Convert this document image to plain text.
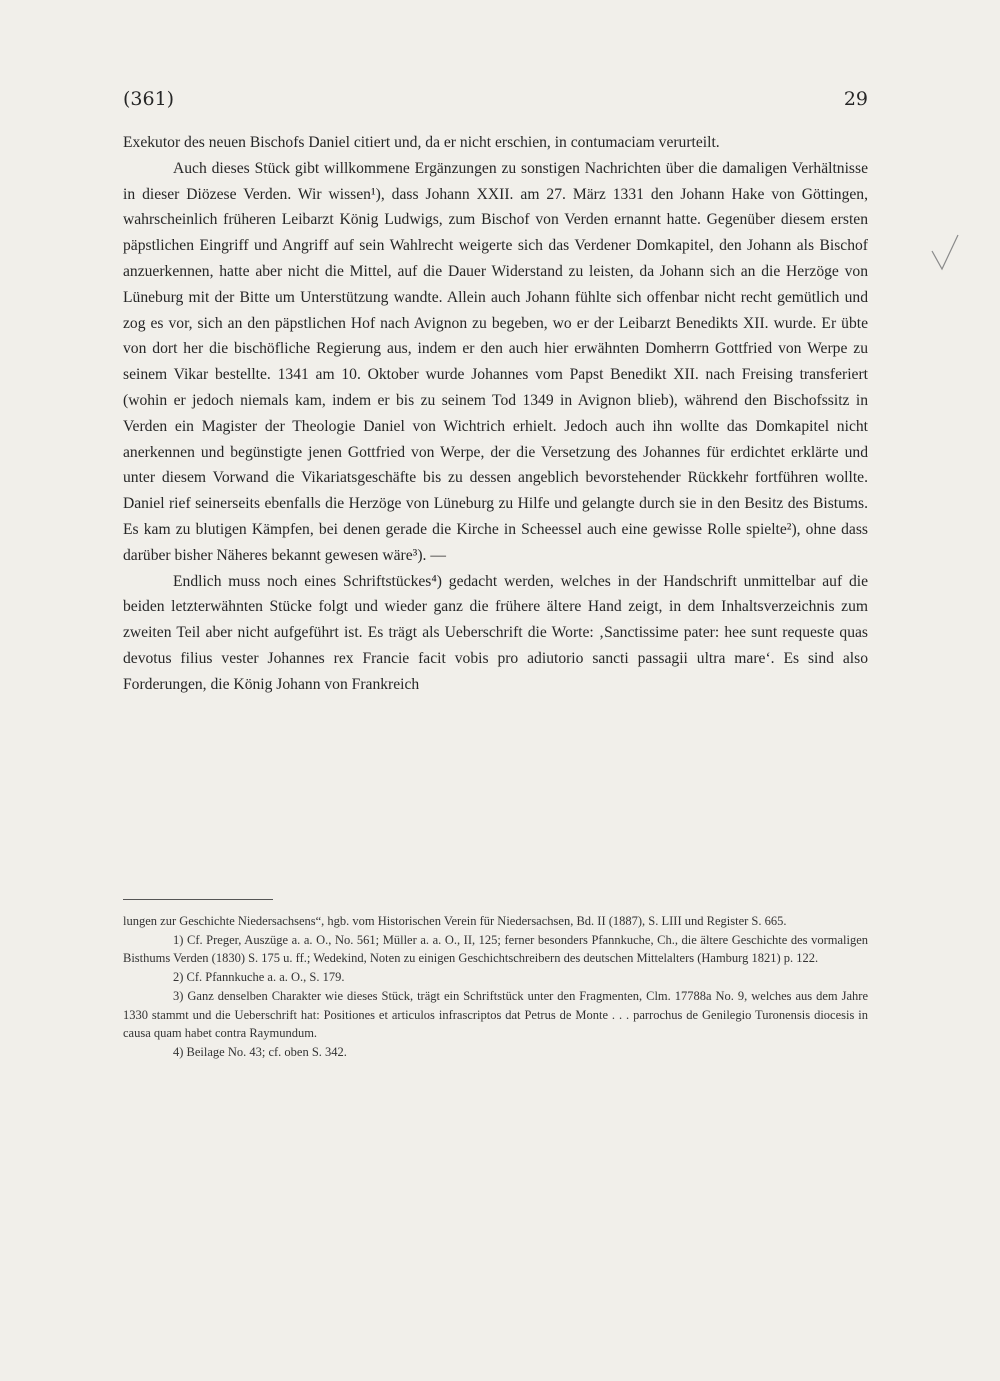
(361)	29

Exekutor des neuen Bischofs Daniel citiert und, da er nicht erschien, in contumaciam verurteilt.

Auch dieses Stück gibt willkommene Ergänzungen zu sonstigen Nachrichten über die damaligen Verhältnisse in dieser Diözese Verden. Wir wissen¹), dass Johann XXII. am 27. März 1331 den Johann Hake von Göttingen, wahrscheinlich früheren Leibarzt König Ludwigs, zum Bischof von Verden ernannt hatte. Gegenüber diesem ersten päpstlichen Eingriff und Angriff auf sein Wahlrecht weigerte sich das Verdener Domkapitel, den Johann als Bischof anzuerkennen, hatte aber nicht die Mittel, auf die Dauer Widerstand zu leisten, da Johann sich an die Herzöge von Lüneburg mit der Bitte um Unterstützung wandte. Allein auch Johann fühlte sich offenbar nicht recht gemütlich und zog es vor, sich an den päpstlichen Hof nach Avignon zu begeben, wo er der Leibarzt Benedikts XII. wurde. Er übte von dort her die bischöfliche Regierung aus, indem er den auch hier erwähnten Domherrn Gottfried von Werpe zu seinem Vikar bestellte. 1341 am 10. Oktober wurde Johannes vom Papst Benedikt XII. nach Freising transferiert (wohin er jedoch niemals kam, indem er bis zu seinem Tod 1349 in Avignon blieb), während den Bischofssitz in Verden ein Magister der Theologie Daniel von Wichtrich erhielt. Jedoch auch ihn wollte das Domkapitel nicht anerkennen und begünstigte jenen Gottfried von Werpe, der die Versetzung des Johannes für erdichtet erklärte und unter diesem Vorwand die Vikariatsgeschäfte bis zu dessen angeblich bevorstehender Rückkehr fortführen wollte. Daniel rief seinerseits ebenfalls die Herzöge von Lüneburg zu Hilfe und gelangte durch sie in den Besitz des Bistums. Es kam zu blutigen Kämpfen, bei denen gerade die Kirche in Scheessel auch eine gewisse Rolle spielte²), ohne dass darüber bisher Näheres bekannt gewesen wäre³). —

Endlich muss noch eines Schriftstückes⁴) gedacht werden, welches in der Handschrift unmittelbar auf die beiden letzterwähnten Stücke folgt und wieder ganz die frühere ältere Hand zeigt, in dem Inhaltsverzeichnis zum zweiten Teil aber nicht aufgeführt ist. Es trägt als Ueberschrift die Worte: ‚Sanctissime pater: hee sunt requeste quas devotus filius vester Johannes rex Francie facit vobis pro adiutorio sancti passagii ultra mare‘. Es sind also Forderungen, die König Johann von Frankreich

lungen zur Geschichte Niedersachsens“, hgb. vom Historischen Verein für Niedersachsen, Bd. II (1887), S. LIII und Register S. 665.

1) Cf. Preger, Auszüge a. a. O., No. 561; Müller a. a. O., II, 125; ferner besonders Pfannkuche, Ch., die ältere Geschichte des vormaligen Bisthums Verden (1830) S. 175 u. ff.; Wedekind, Noten zu einigen Geschichtschreibern des deutschen Mittelalters (Hamburg 1821) p. 122.

2) Cf. Pfannkuche a. a. O., S. 179.

3) Ganz denselben Charakter wie dieses Stück, trägt ein Schriftstück unter den Fragmenten, Clm. 17788a No. 9, welches aus dem Jahre 1330 stammt und die Ueberschrift hat: Positiones et articulos infrascriptos dat Petrus de Monte . . . parrochus de Genilegio Turonensis diocesis in causa quam habet contra Raymundum.

4) Beilage No. 43; cf. oben S. 342.
